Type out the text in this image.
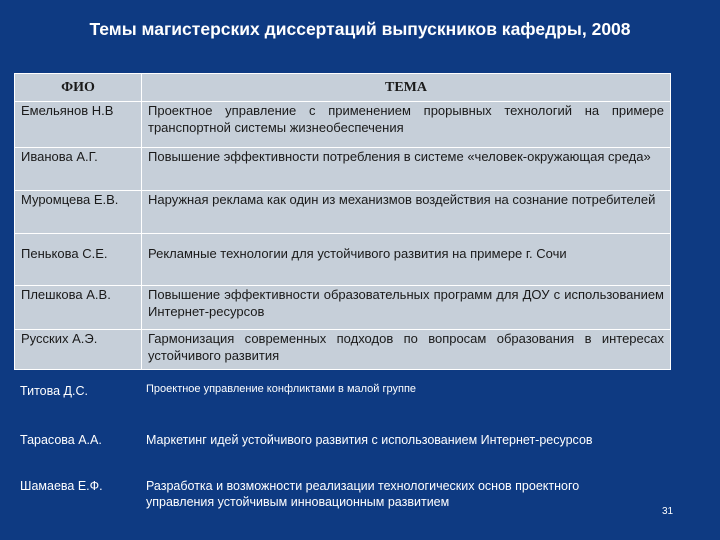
Темы магистерских диссертаций выпускников кафедры, 2008
ФИО	ТЕМА
Емельянов Н.В	Проектное управление с применением прорывных технологий на примере транспортной системы жизнеобеспечения
Иванова А.Г.	Повышение эффективности потребления в системе «человек-окружающая среда»
Муромцева Е.В.	Наружная реклама как один из механизмов воздействия на сознание потребителей
Пенькова С.Е.	Рекламные технологии для устойчивого развития на примере г. Сочи
Плешкова А.В.	Повышение эффективности образовательных программ для ДОУ с использованием Интернет-ресурсов
Русских А.Э.	Гармонизация современных подходов по вопросам образования в интересах устойчивого развития
Титова Д.С.	Проектное управление конфликтами в малой группе
Тарасова А.А.	Маркетинг идей устойчивого развития с использованием Интернет-ресурсов
Шамаева Е.Ф.	Разработка и возможности реализации технологических основ проектного управления устойчивым инновационным развитием
31
